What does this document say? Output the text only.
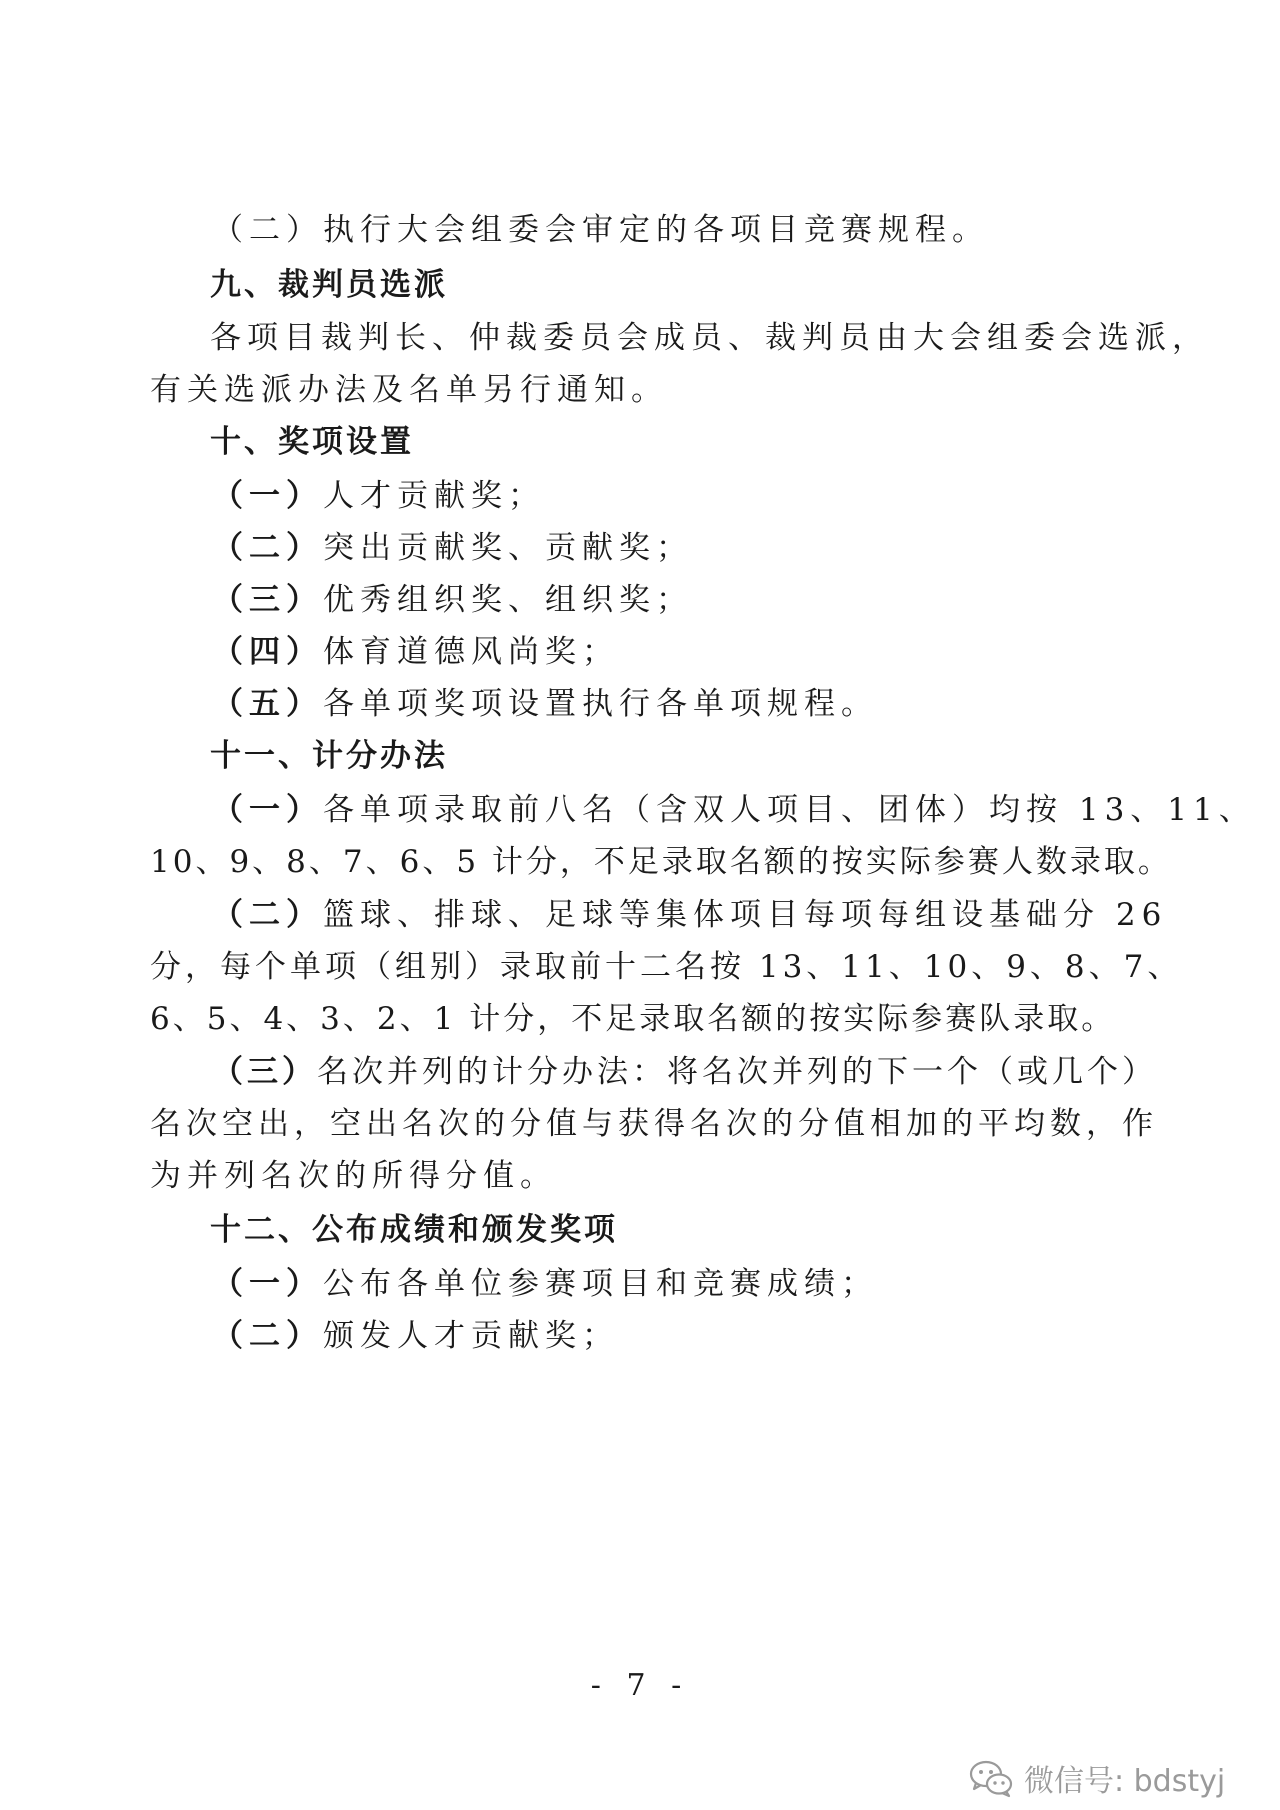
（二）执行大会组委会审定的各项目竞赛规程。
九、裁判员选派
各项目裁判长、仲裁委员会成员、裁判员由大会组委会选派，
有关选派办法及名单另行通知。
十、奖项设置
（一）人才贡献奖；
（二）突出贡献奖、贡献奖；
（三）优秀组织奖、组织奖；
（四）体育道德风尚奖；
（五）各单项奖项设置执行各单项规程。
十一、计分办法
（一）各单项录取前八名（含双人项目、团体）均按 13、11、
10、9、8、7、6、5 计分，不足录取名额的按实际参赛人数录取。
（二）篮球、排球、足球等集体项目每项每组设基础分 26
分，每个单项（组别）录取前十二名按 13、11、10、9、8、7、
6、5、4、3、2、1 计分，不足录取名额的按实际参赛队录取。
（三）名次并列的计分办法：将名次并列的下一个（或几个）
名次空出，空出名次的分值与获得名次的分值相加的平均数，作
为并列名次的所得分值。
十二、公布成绩和颁发奖项
（一）公布各单位参赛项目和竞赛成绩；
（二）颁发人才贡献奖；
- 7 -
微信号: bdstyj
